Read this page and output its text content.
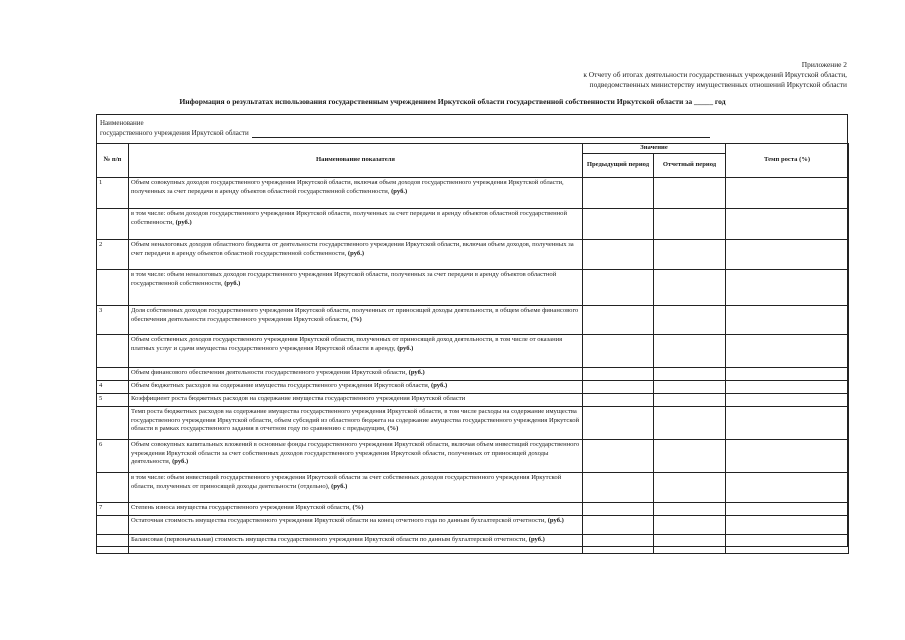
Приложение 2
к Отчету об итогах деятельности государственных учреждений Иркутской области,
подведомственных министерству имущественных отношений Иркутской области
Информация о результатах использования государственным учреждением Иркутской области государственной собственности Иркутской области за _____ год
Наименование
государственного учреждения Иркутской области
№ п/п	Наименование показателя	Значение		Темп роста (%)
		Предыдущий период	Отчетный период	
1	Объем совокупных доходов государственного учреждения Иркутской области, включая объем доходов государственного учреждения Иркутской области, полученных за счет передачи в аренду объектов областной государственной собственности, (руб.)			
	в том числе: объем доходов государственного учреждения Иркутской области, полученных за счет передачи в аренду объектов областной государственной собственности, (руб.)			
2	Объем неналоговых доходов областного бюджета от деятельности государственного учреждения Иркутской области, включая объем доходов, полученных за счет передачи в аренду объектов областной государственной собственности, (руб.)			
	в том числе: объем неналоговых доходов государственного учреждения Иркутской области, полученных за счет передачи в аренду объектов областной государственной собственности, (руб.)			
3	Доля собственных доходов государственного учреждения Иркутской области, полученных от приносящей доходы деятельности, в общем объеме финансового обеспечения деятельности государственного учреждения Иркутской области, (%)			
	Объем собственных доходов государственного учреждения Иркутской области, полученных от приносящей доход деятельности, в том числе от оказания платных услуг и сдачи имущества государственного учреждения Иркутской области в аренду, (руб.)			
	Объем финансового обеспечения деятельности государственного учреждения Иркутской области, (руб.)			
4	Объем бюджетных расходов на содержание имущества государственного учреждения Иркутской области, (руб.)			
5	Коэффициент роста бюджетных расходов на содержание имущества государственного учреждения Иркутской области			
	Темп роста бюджетных расходов на содержание имущества государственного учреждения Иркутской области, в том числе расходы на содержание имущества государственного учреждения Иркутской области, объем субсидий из областного бюджета на содержание амущества государственного учреждения Иркутской области в рамках государственного задания в отчетном году по сравнению с предыдущим, (%)			
6	Объем совокупных капитальных вложений в основные фонды государственного учреждения Иркутской области, включая объем инвестиций государственного учреждения Иркутской области за счет собственных доходов государственного учреждения Иркутской области, полученных от приносящей доходы деятельности, (руб.)			
	в том числе: объем инвестиций государственного учреждения Иркутской области за счет собственных доходов государственного учреждения Иркутской области, полученных от приносящей доходы деятельности (отдельно), (руб.)			
7	Степень износа имущества государственного учреждения Иркутской области, (%)			
	Остаточная стоимость имущества государственного учреждения Иркутской области на конец отчетного года по данным бухгалтерской отчетности, (руб.)			
	Балансовая (первоначальная) стоимость имущества государственного учреждения Иркутской области по данным бухгалтерской отчетности, (руб.)			
